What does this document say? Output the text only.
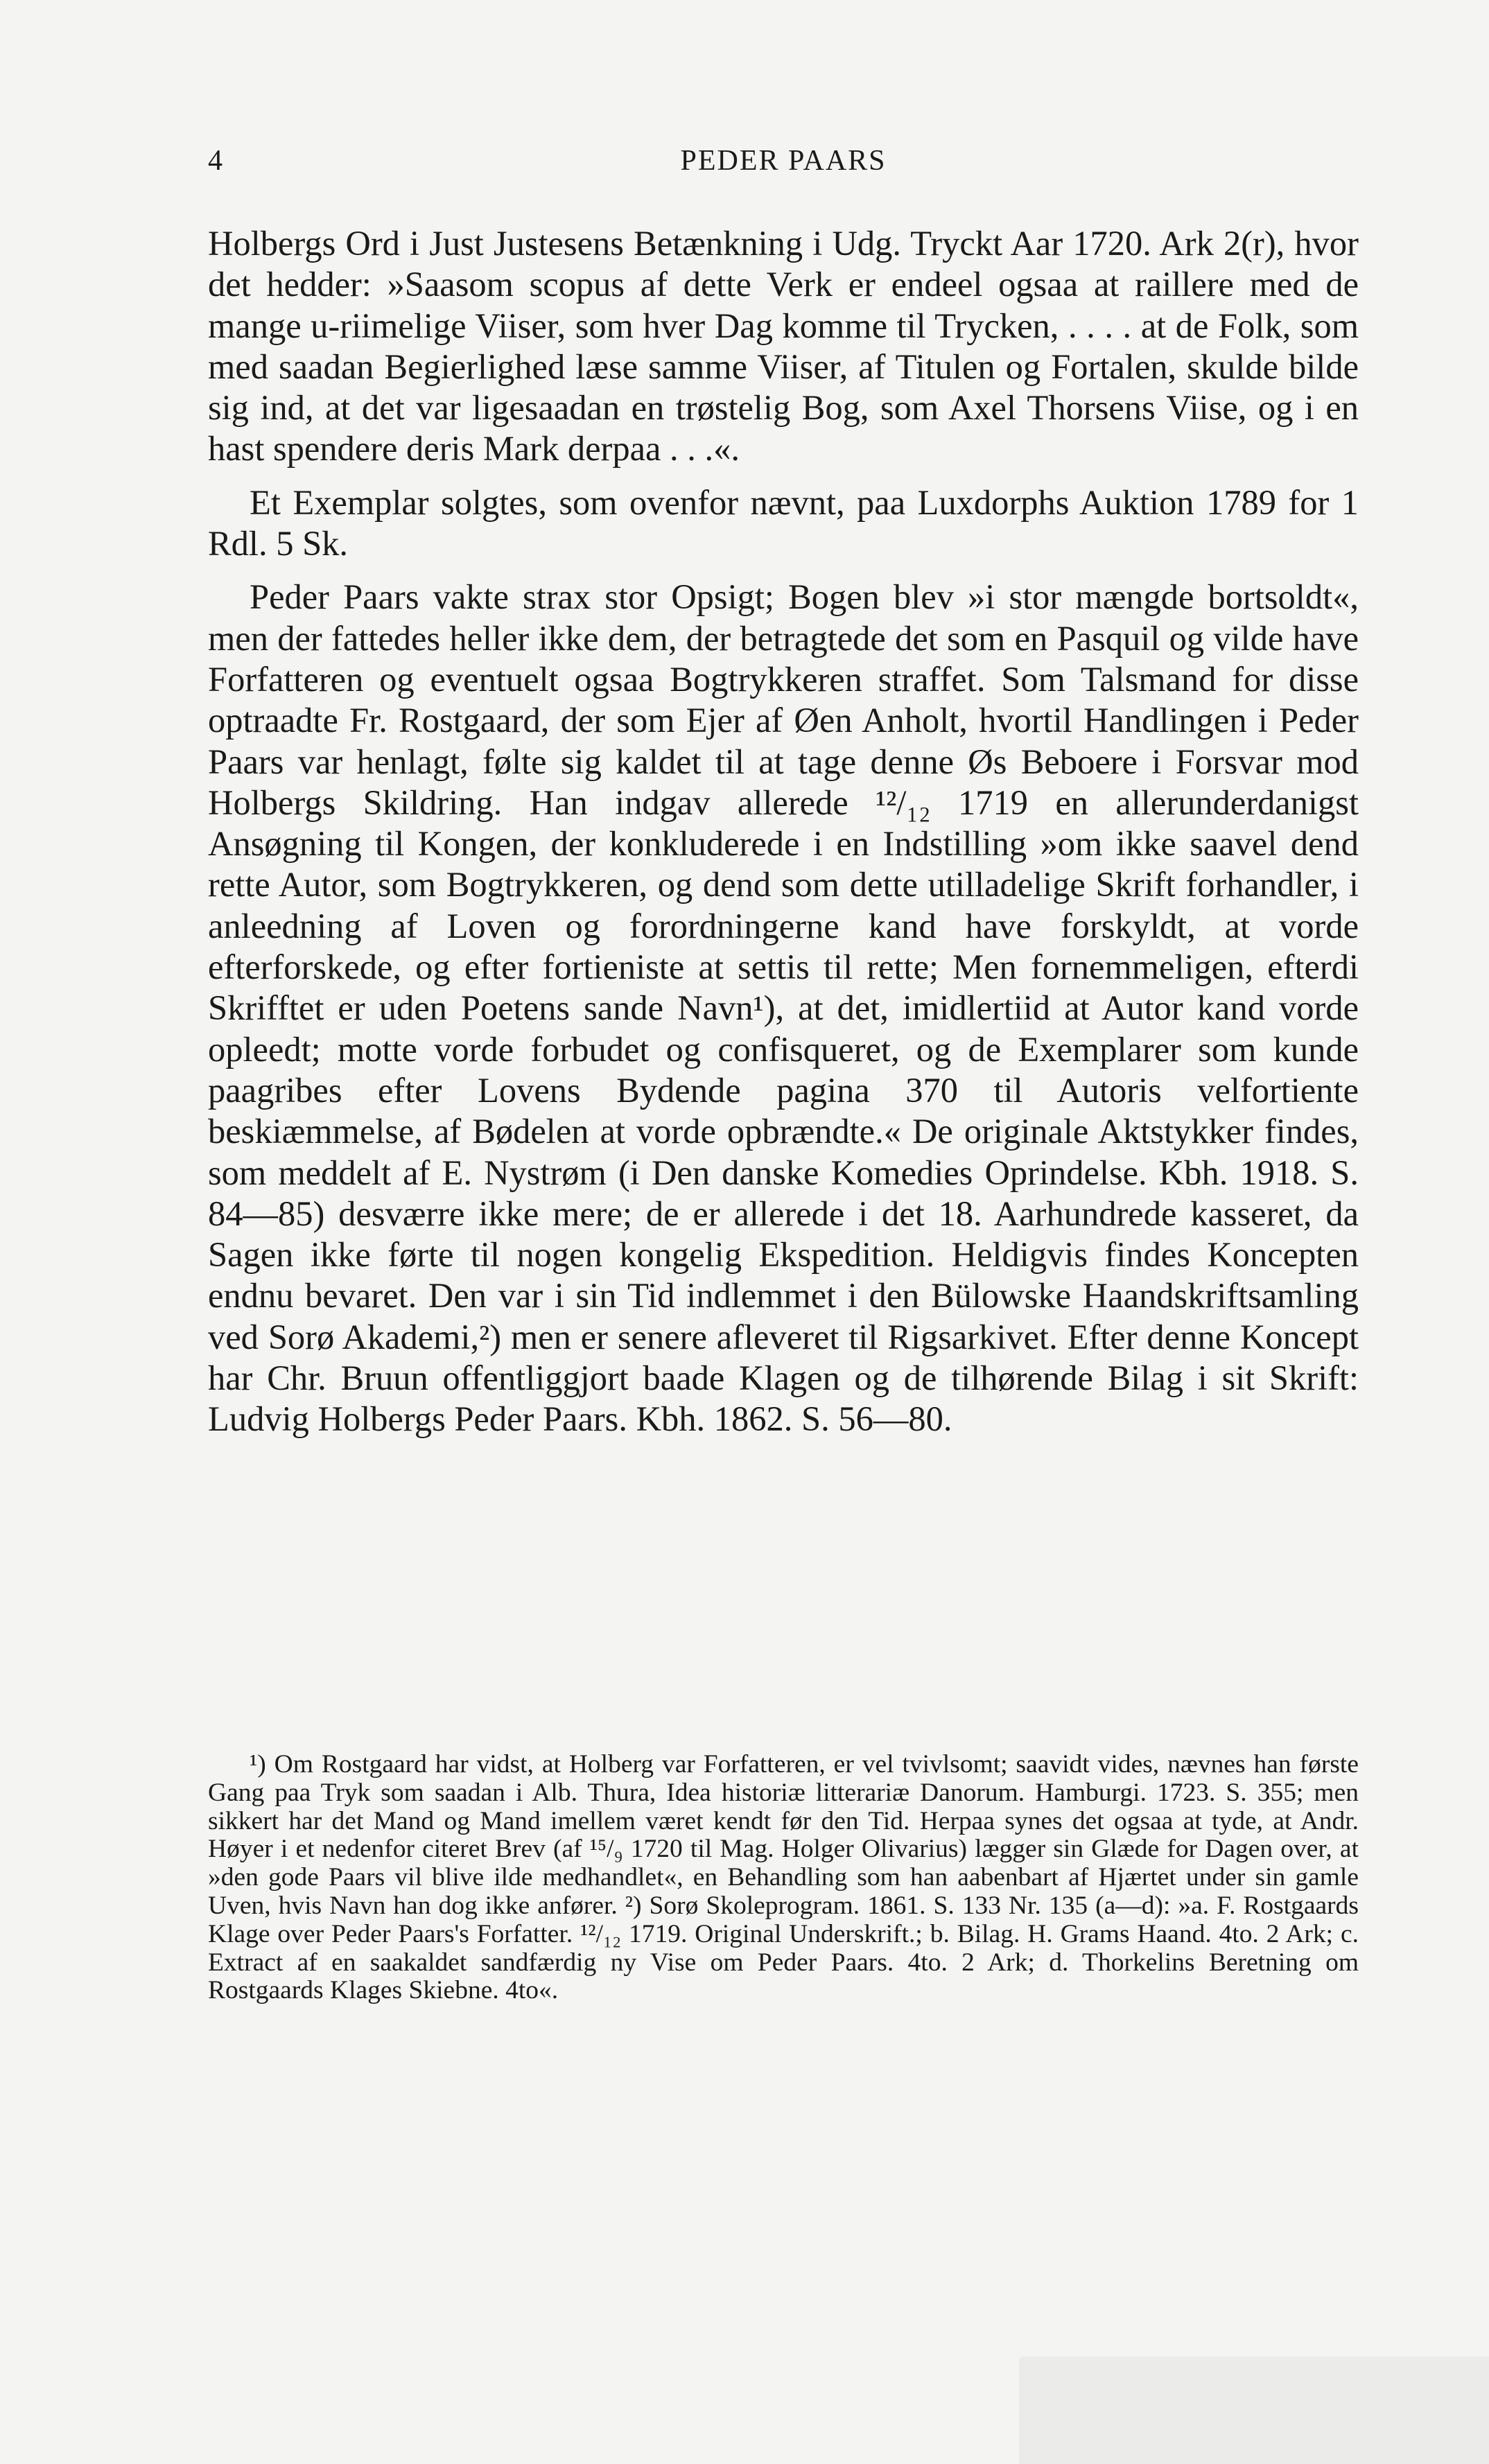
4	PEDER PAARS

Holbergs Ord i Just Justesens Betænkning i Udg. Tryckt Aar 1720. Ark 2(r), hvor det hedder: »Saasom scopus af dette Verk er endeel ogsaa at raillere med de mange u-riimelige Viiser, som hver Dag komme til Trycken, . . . . at de Folk, som med saadan Begierlighed læse samme Viiser, af Titulen og Fortalen, skulde bilde sig ind, at det var ligesaadan en trøstelig Bog, som Axel Thorsens Viise, og i en hast spendere deris Mark derpaa . . .«.

Et Exemplar solgtes, som ovenfor nævnt, paa Luxdorphs Auktion 1789 for 1 Rdl. 5 Sk.

Peder Paars vakte strax stor Opsigt; Bogen blev »i stor mængde bortsoldt«, men der fattedes heller ikke dem, der betragtede det som en Pasquil og vilde have Forfatteren og eventuelt ogsaa Bogtrykkeren straffet. Som Talsmand for disse optraadte Fr. Rostgaard, der som Ejer af Øen Anholt, hvortil Handlingen i Peder Paars var henlagt, følte sig kaldet til at tage denne Øs Beboere i Forsvar mod Holbergs Skildring. Han indgav allerede ¹²/₁₂ 1719 en allerunderdanigst Ansøgning til Kongen, der konkluderede i en Indstilling »om ikke saavel dend rette Autor, som Bogtrykkeren, og dend som dette utilladelige Skrift forhandler, i anleedning af Loven og forordningerne kand have forskyldt, at vorde efterforskede, og efter fortieniste at settis til rette; Men fornemmeligen, efterdi Skrifftet er uden Poetens sande Navn¹), at det, imidlertiid at Autor kand vorde opleedt; motte vorde forbudet og confisqueret, og de Exemplarer som kunde paagribes efter Lovens Bydende pagina 370 til Autoris velfortiente beskiæmmelse, af Bødelen at vorde opbrændte.« De originale Aktstykker findes, som meddelt af E. Nystrøm (i Den danske Komedies Oprindelse. Kbh. 1918. S. 84—85) desværre ikke mere; de er allerede i det 18. Aarhundrede kasseret, da Sagen ikke førte til nogen kongelig Ekspedition. Heldigvis findes Koncepten endnu bevaret. Den var i sin Tid indlemmet i den Bülowske Haandskriftsamling ved Sorø Akademi,²) men er senere afleveret til Rigsarkivet. Efter denne Koncept har Chr. Bruun offentliggjort baade Klagen og de tilhørende Bilag i sit Skrift: Ludvig Holbergs Peder Paars. Kbh. 1862. S. 56—80.

¹) Om Rostgaard har vidst, at Holberg var Forfatteren, er vel tvivlsomt; saavidt vides, nævnes han første Gang paa Tryk som saadan i Alb. Thura, Idea historiæ litterariæ Danorum. Hamburgi. 1723. S. 355; men sikkert har det Mand og Mand imellem været kendt før den Tid. Herpaa synes det ogsaa at tyde, at Andr. Høyer i et nedenfor citeret Brev (af ¹⁵/₉ 1720 til Mag. Holger Olivarius) lægger sin Glæde for Dagen over, at »den gode Paars vil blive ilde medhandlet«, en Behandling som han aabenbart af Hjærtet under sin gamle Uven, hvis Navn han dog ikke anfører. ²) Sorø Skoleprogram. 1861. S. 133 Nr. 135 (a—d): »a. F. Rostgaards Klage over Peder Paars's Forfatter. ¹²/₁₂ 1719. Original Underskrift.; b. Bilag. H. Grams Haand. 4to. 2 Ark; c. Extract af en saakaldet sandfærdig ny Vise om Peder Paars. 4to. 2 Ark; d. Thorkelins Beretning om Rostgaards Klages Skiebne. 4to«.
